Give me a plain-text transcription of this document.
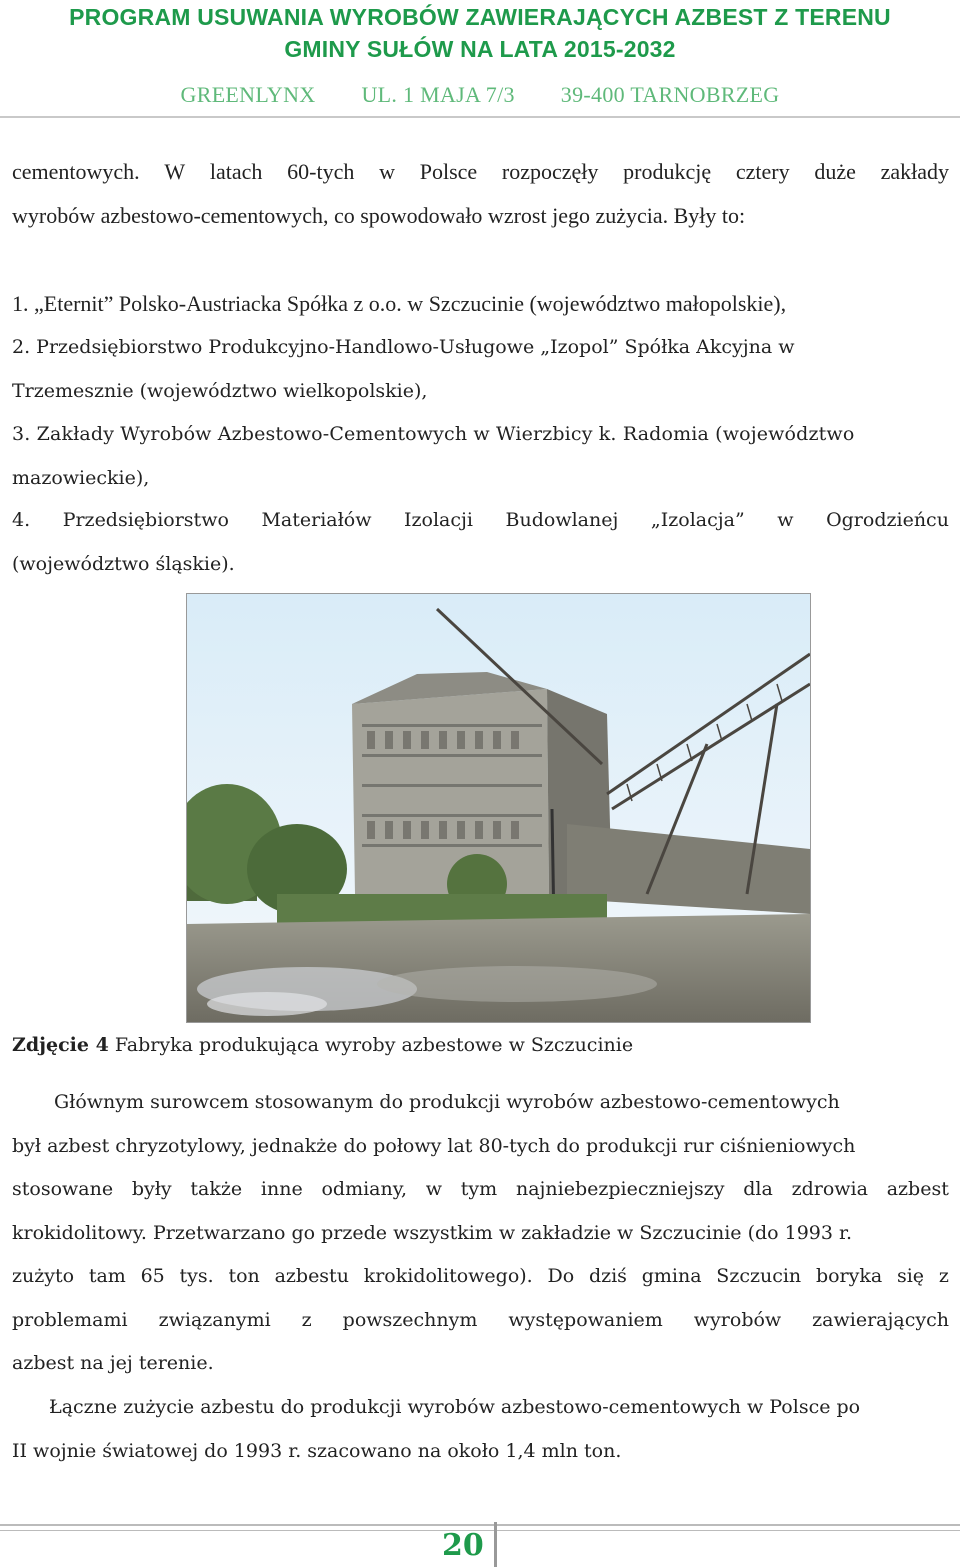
PROGRAM USUWANIA WYROBÓW ZAWIERAJĄCYCH AZBEST Z TERENU
GMINY SUŁÓW NA LATA 2015-2032
GREENLYNX UL. 1 MAJA 7/3 39-400 TARNOBRZEG
cementowych. W latach 60-tych w Polsce rozpoczęły produkcję cztery duże zakłady
wyrobów azbestowo-cementowych, co spowodowało wzrost jego zużycia. Były to:
1. „Eternit” Polsko-Austriacka Spółka z o.o. w Szczucinie (województwo małopolskie),
2. Przedsiębiorstwo Produkcyjno-Handlowo-Usługowe „Izopol” Spółka Akcyjna w
Trzemesznie (województwo wielkopolskie),
3. Zakłady Wyrobów Azbestowo-Cementowych w Wierzbicy k. Radomia (województwo
mazowieckie),
4. Przedsiębiorstwo Materiałów Izolacji Budowlanej „Izolacja” w Ogrodzieńcu
(województwo śląskie).
Zdjęcie 4 Fabryka produkująca wyroby azbestowe w Szczucinie
Głównym surowcem stosowanym do produkcji wyrobów azbestowo-cementowych
był azbest chryzotylowy, jednakże do połowy lat 80-tych do produkcji rur ciśnieniowych
stosowane były także inne odmiany, w tym najniebezpieczniejszy dla zdrowia azbest
krokidolitowy. Przetwarzano go przede wszystkim w zakładzie w Szczucinie (do 1993 r.
zużyto tam 65 tys. ton azbestu krokidolitowego). Do dziś gmina Szczucin boryka się z
problemami związanymi z powszechnym występowaniem wyrobów zawierających
azbest na jej terenie.
Łączne zużycie azbestu do produkcji wyrobów azbestowo-cementowych w Polsce po
II wojnie światowej do 1993 r. szacowano na około 1,4 mln ton.
20
